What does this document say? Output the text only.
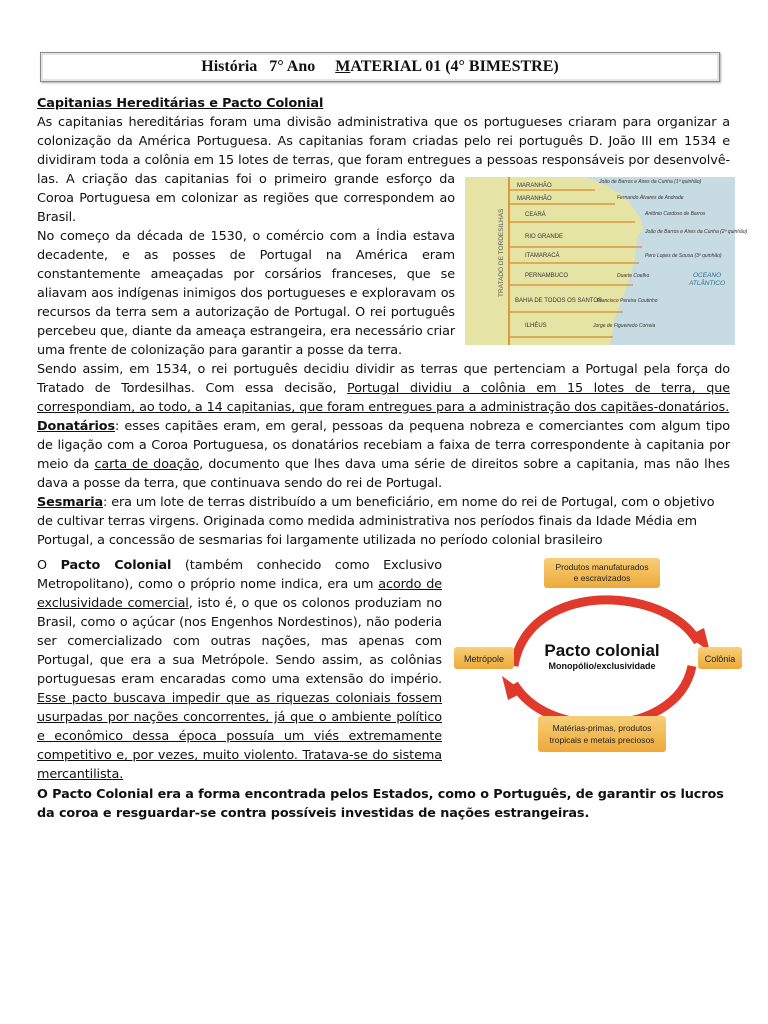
História
7° Ano
M ATERIAL 01 (4° BIMESTRE)

Capitanias Hereditárias e Pacto Colonial

As capitanias hereditárias foram uma divisão administrativa que os portugueses criaram para organizar a

colonização da América Portuguesa. As capitanias foram criadas pelo rei português D. João III em 1534 e

dividiram toda a colônia em 15 lotes de terras, que foram entregues a pessoas responsáveis por desenvolvê-

las. A criação das capitanias foi o primeiro grande esforço da

Coroa Portuguesa em colonizar as regiões que correspondem ao

Brasil.

No começo da década de 1530, o comércio com a Índia estava decadente, e as posses de Portugal na América eram constantemente ameaçadas por corsários franceses, que se aliavam aos indígenas inimigos dos portugueses e exploravam os recursos da terra sem a autorização de Portugal. O rei português percebeu que, diante da ameaça estrangeira, era necessário criar uma frente de colonização para garantir a posse da terra.

TRATADO DE TORDESILHAS
MARANHÃO
MARANHÃO
CEARÁ
RIO GRANDE
ITAMARACÁ
PERNAMBUCO
BAHIA DE TODOS OS SANTOS
ILHÉUS
João de Barros e Aires da Cunha (1º quinhão)
Fernando Álvares de Andrade
Antônio Cardoso de Barros
João de Barros e Aires da Cunha (2º quinhão)
Pero Lopes de Sousa (3º quinhão)
Duarte Coelho
Francisco Pereira Coutinho
Jorge de Figueiredo Correia
OCEANO
ATLÂNTICO

Sendo assim, em 1534, o rei português decidiu dividir as terras que pertenciam a Portugal pela força do Tratado de Tordesilhas. Com essa decisão, Portugal dividiu a colônia em 15 lotes de terra, que correspondiam, ao todo, a 14 capitanias, que foram entregues para a administração dos capitães-donatários.

Donatários: esses capitães eram, em geral, pessoas da pequena nobreza e comerciantes com algum tipo de ligação com a Coroa Portuguesa, os donatários recebiam a faixa de terra correspondente à capitania por meio da carta de doação, documento que lhes dava uma série de direitos sobre a capitania, mas não lhes dava a posse da terra, que continuava sendo do rei de Portugal.

Sesmaria: era um lote de terras distribuído a um beneficiário, em nome do rei de Portugal, com o objetivo de cultivar terras virgens. Originada como medida administrativa nos períodos finais da Idade Média em Portugal, a concessão de sesmarias foi largamente utilizada no período colonial brasileiro

O Pacto Colonial (também conhecido como Exclusivo Metropolitano), como o próprio nome indica, era um acordo de exclusividade comercial, isto é, o que os colonos produziam no Brasil, como o açúcar (nos Engenhos Nordestinos), não poderia ser comercializado com outras nações, mas apenas com Portugal, que era a sua Metrópole. Sendo assim, as colônias portuguesas eram encaradas como uma extensão do império. Esse pacto buscava impedir que as riquezas coloniais fossem usurpadas por nações concorrentes, já que o ambiente político e econômico dessa época possuía um viés extremamente competitivo e, por vezes, muito violento. Tratava-se do sistema mercantilista.

Produtos manufaturados
e escravizados
Metrópole	Colônia
Pacto colonial
Monopólio/exclusividade
Matérias-primas, produtos
tropicais e metais preciosos

O Pacto Colonial era a forma encontrada pelos Estados, como o Português, de garantir os lucros da coroa e resguardar-se contra possíveis investidas de nações estrangeiras.
